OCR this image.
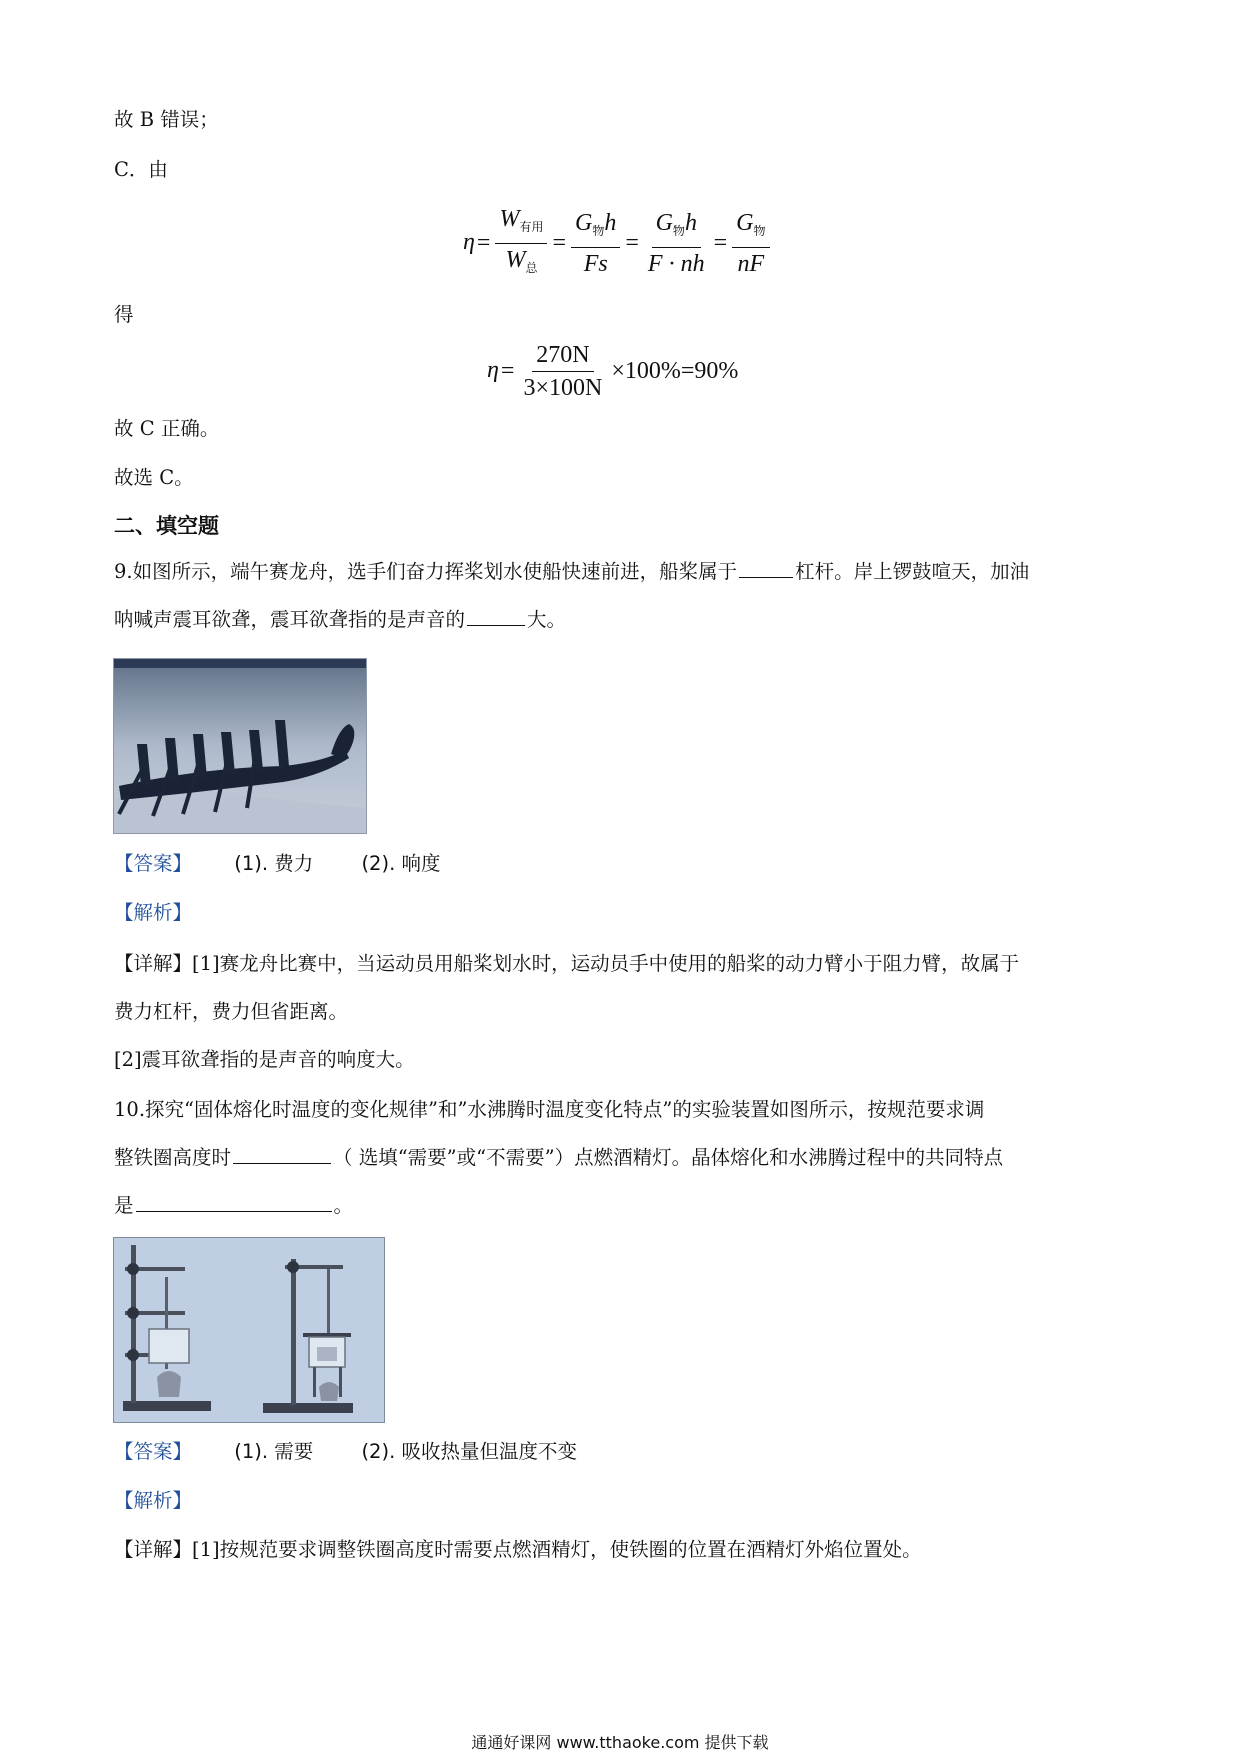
故 B 错误；
C．由
$\eta= \frac{W_{有用}}{W_总} = \frac{G_物h}{Fs} = \frac{G_物h}{F \cdot nh} = \frac{G_物}{nF}$
得
$\eta= \frac{270N}{3\times 100N} \times 100\%=90\%$
故 C 正确。
故选 C。
二、填空题
9.如图所示，端午赛龙舟，选手们奋力挥桨划水使船快速前进，船桨属于	杠杆。岸上锣鼓喧天，加油
呐喊声震耳欲聋，震耳欲聋指的是声音的	大。
【答案】 (1). 费力 (2). 响度
【解析】
【详解】[1]赛龙舟比赛中，当运动员用船桨划水时，运动员手中使用的船桨的动力臂小于阻力臂，故属于
费力杠杆，费力但省距离。
[2]震耳欲聋指的是声音的响度大。
10.探究“固体熔化时温度的变化规律”和”水沸腾时温度变化特点”的实验装置如图所示，按规范要求调
整铁圈高度时	（ 选填“需要”或“不需要”）点燃酒精灯。晶体熔化和水沸腾过程中的共同特点
是	。
【答案】 (1). 需要 (2). 吸收热量但温度不变
【解析】
【详解】[1]按规范要求调整铁圈高度时需要点燃酒精灯，使铁圈的位置在酒精灯外焰位置处。
通通好课网 www.tthaoke.com 提供下载
